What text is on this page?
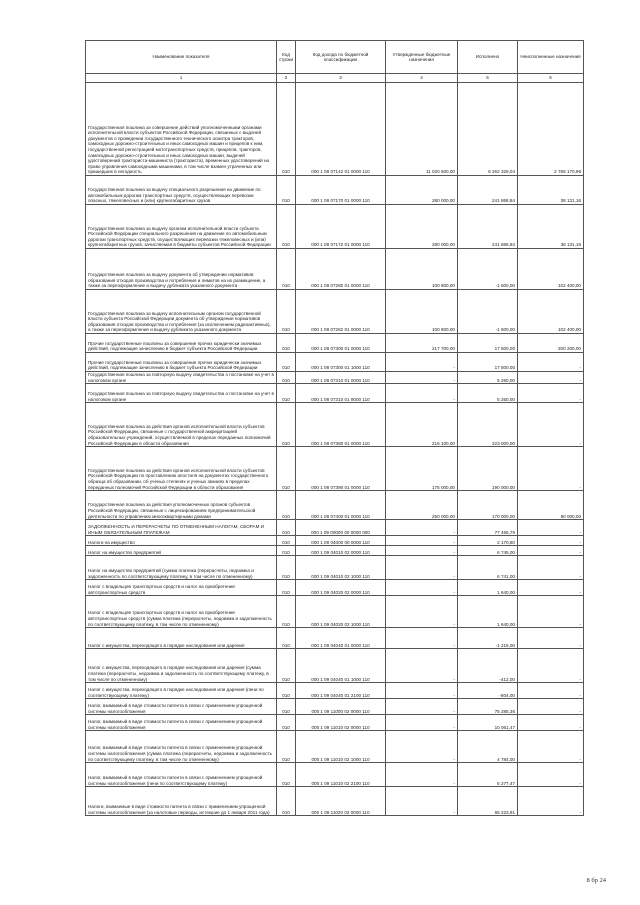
Наименование показателя	Код строки	Код дохода по бюджетной классификации	Утвержденные бюджетные назначения	Исполнено	Неисполненные назначения
1	2	3	4	5	6
Государственная пошлина за совершение действий уполномоченными органами исполнительной власти субъектов Российской Федерации, связанных с выдачей документов о проведении государственного технического осмотра тракторов, самоходных дорожно-строительных и иных самоходных машин и прицепов к ним, государственной регистрацией мототранспортных средств, прицепов, тракторов, самоходных дорожно-строительных и иных самоходных машин, выдачей удостоверений тракториста-машиниста (тракториста), временных удостоверений на право управления самоходными машинами, в том числе взамен утраченных или пришедших в негодность	010	000 1 08 07142 01 0000 110	11 020 500,00	8 262 329,04	2 758 170,96
Государственная пошлина за выдачу специального разрешения на движение по автомобильным дорогам транспортных средств, осуществляющих перевозки опасных, тяжеловесных и (или) крупногабаритных грузов	010	000 1 08 07170 01 0000 110	280 000,00	241 868,84	38 131,16
Государственная пошлина за выдачу органом исполнительной власти субъекта Российской Федерации специального разрешения на движение по автомобильным дорогам транспортных средств, осуществляющих перевозки тяжеловесных и (или) крупногабаритных грузов, зачисляемая в бюджеты субъектов Российской Федерации	010	000 1 08 07172 01 0000 110	280 000,00	241 868,84	38 131,16
Государственная пошлина за выдачу документа об утверждении нормативов образования отходов производства и потребления и лимитов на их размещение, а также за переоформление и выдачу дубликата указанного документа	010	000 1 08 07280 01 0000 110	100 800,00	-1 600,00	102 400,00
Государственная пошлина за выдачу исполнительным органом государственной власти субъекта Российской Федерации документа об утверждении нормативов образования отходов производства и потребления (за исключением радиоактивных), а также за переоформление и выдачу дубликата указанного документа	010	000 1 08 07282 01 0000 110	100 800,00	-1 600,00	102 400,00
Прочие государственные пошлины за совершение прочих юридически значимых действий, подлежащие зачислению в бюджет субъекта Российской Федерации	010	000 1 08 07300 01 0000 110	217 700,00	17 500,00	200 200,00
Прочие государственные пошлины за совершение прочих юридически значимых действий, подлежащие зачислению в бюджет субъекта Российской Федерации	010	000 1 08 07300 01 1000 110	-	17 500,00	-
Государственная пошлина за повторную выдачу свидетельства о постановке на учет в налоговом органе	010	000 1 08 07310 01 0000 110	-	5 250,00	-
Государственная пошлина за повторную выдачу свидетельства о постановке на учет в налоговом органе	010	000 1 08 07310 01 8000 110	-	5 250,00	-
Государственная пошлина за действия органов исполнительной власти субъектов Российской Федерации, связанные с государственной аккредитацией образовательных учреждений, осуществляемой в пределах переданных полномочий Российской Федерации в области образования	010	000 1 08 07380 01 0000 110	216 100,00	223 000,00	-
Государственная пошлина за действия органов исполнительной власти субъектов Российской Федерации по проставлению апостиля на документах государственного образца об образовании, об ученых степенях и ученых званиях в пределах переданных полномочий Российской Федерации в области образования	010	000 1 08 07390 01 0000 110	175 000,00	190 000,00	-
Государственная пошлина за действия уполномоченных органов субъектов Российской Федерации, связанные с лицензированием предпринимательской деятельности по управлению многоквартирными домами	010	000 1 08 07400 01 0000 110	250 000,00	170 000,00	80 000,00
ЗАДОЛЖЕННОСТЬ И ПЕРЕРАСЧЕТЫ ПО ОТМЕНЕННЫМ НАЛОГАМ, СБОРАМ И ИНЫМ ОБЯЗАТЕЛЬНЫМ ПЛАТЕЖАМ	010	000 1 09 00000 00 0000 000	-	77 455,76	-
Налоги на имущество	010	000 1 09 04000 00 0000 110	-	2 170,80	-
Налог на имущество предприятий	010	000 1 09 04010 02 0000 110	-	6 745,00	-
Налог на имущество предприятий (сумма платежа (перерасчеты, недоимка и задолженность по соответствующему платежу, в том числе по отмененному)	010	000 1 09 04010 02 1000 110	-	6 741,00	-
Налог с владельцев транспортных средств и налог на приобретение автотранспортных средств	010	000 1 09 04020 02 0000 110	-	1 640,00	-
Налог с владельцев транспортных средств и налог на приобретение автотранспортных средств (сумма платежа (перерасчеты, недоимка и задолженность по соответствующему платежу, в том числе по отмененному)	010	000 1 09 04020 02 1000 110	-	1 640,00	-
Налог с имущества, переходящего в порядке наследования или дарения	010	000 1 09 04040 01 0000 110	-	-1 216,00	-
Налог с имущества, переходящего в порядке наследования или дарения (сумма платежа (перерасчеты, недоимка и задолженность по соответствующему платежу, в том числе по отмененному)	010	000 1 09 04040 01 1000 110	-	-412,00	-
Налог с имущества, переходящего в порядке наследования или дарения (пени по соответствующему платежу)	010	000 1 09 04040 01 2100 110	-	-804,00	-
Налог, взимаемый в виде стоимости патента в связи с применением упрощенной системы налогообложения	010	000 1 09 11000 02 0000 110	-	75 285,36	-
Налог, взимаемый в виде стоимости патента в связи с применением упрощенной системы налогообложения	010	000 1 09 11010 02 0000 110	-	10 061,47	-
Налог, взимаемый в виде стоимости патента в связи с применением упрощенной системы налогообложения (сумма платежа (перерасчеты, недоимка и задолженность по соответствующему платежу, в том числе по отмененному)	010	000 1 09 11010 02 1000 110	-	4 784,00	-
Налог, взимаемый в виде стоимости патента в связи с применением упрощенной системы налогообложения (пени по соответствующему платежу)	010	000 1 09 11010 02 2100 110	-	5 277,47	-
Налоги, взимаемые в виде стоимости патента в связи с применением упрощенной системы налогообложения (за налоговые периоды, истекшие до 1 января 2011 года)	010	000 1 09 11020 02 0000 110	-	65 223,91	-
8 бр 24
